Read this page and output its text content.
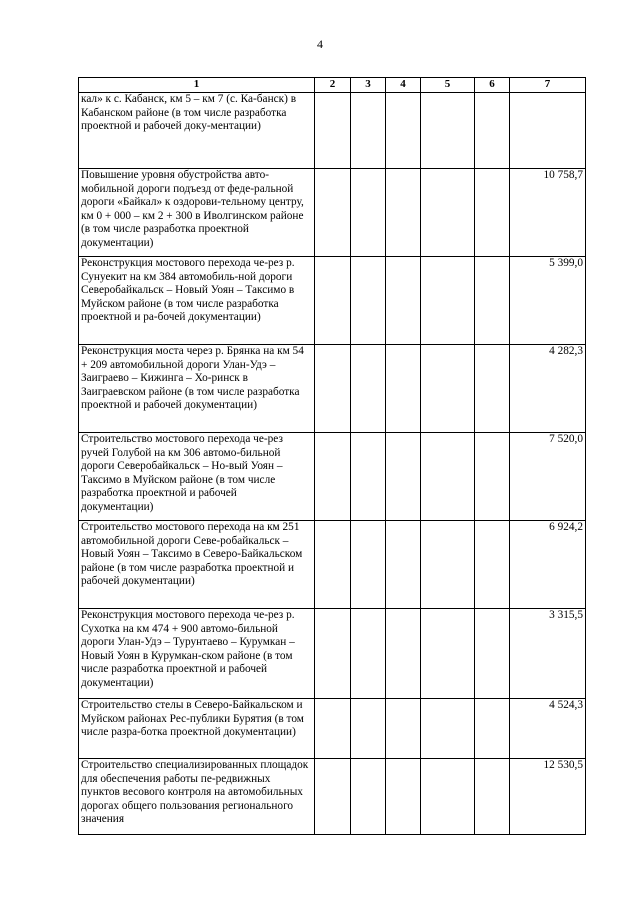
4
1	2	3	4	5	6	7
кал» к с. Кабанск, км 5 – км 7 (с. Ка-банск) в Кабанском районе (в том числе разработка проектной и рабочей доку-ментации)						
Повышение уровня обустройства авто-мобильной дороги подъезд от феде-ральной дороги «Байкал» к оздорови-тельному центру, км 0 + 000 – км 2 + 300 в Иволгинском районе (в том числе разработка проектной документации)						10 758,7
Реконструкция мостового перехода че-рез р. Сунуекит на км 384 автомобиль-ной дороги Северобайкальск – Новый Уоян – Таксимо в Муйском районе (в том числе разработка проектной и ра-бочей документации)						5 399,0
Реконструкция моста через р. Брянка на км 54 + 209 автомобильной дороги Улан-Удэ – Заиграево – Кижинга – Хо-ринск в Заиграевском районе (в том числе разработка проектной и рабочей документации)						4 282,3
Строительство мостового перехода че-рез ручей Голубой на км 306 автомо-бильной дороги Северобайкальск – Но-вый Уоян – Таксимо в Муйском районе (в том числе разработка проектной и рабочей документации)						7 520,0
Строительство мостового перехода на км 251 автомобильной дороги Севе-робайкальск – Новый Уоян – Таксимо в Северо-Байкальском районе (в том числе разработка проектной и рабочей документации)						6 924,2
Реконструкция мостового перехода че-рез р. Сухотка на км 474 + 900 автомо-бильной дороги Улан-Удэ – Турунтаево – Курумкан – Новый Уоян в Курумкан-ском районе (в том числе разработка проектной и рабочей документации)						3 315,5
Строительство стелы в Северо-Байкальском и Муйском районах Рес-публики Бурятия (в том числе разра-ботка проектной документации)						4 524,3
Строительство специализированных площадок для обеспечения работы пе-редвижных пунктов весового контроля на автомобильных дорогах общего пользования регионального значения						12 530,5
